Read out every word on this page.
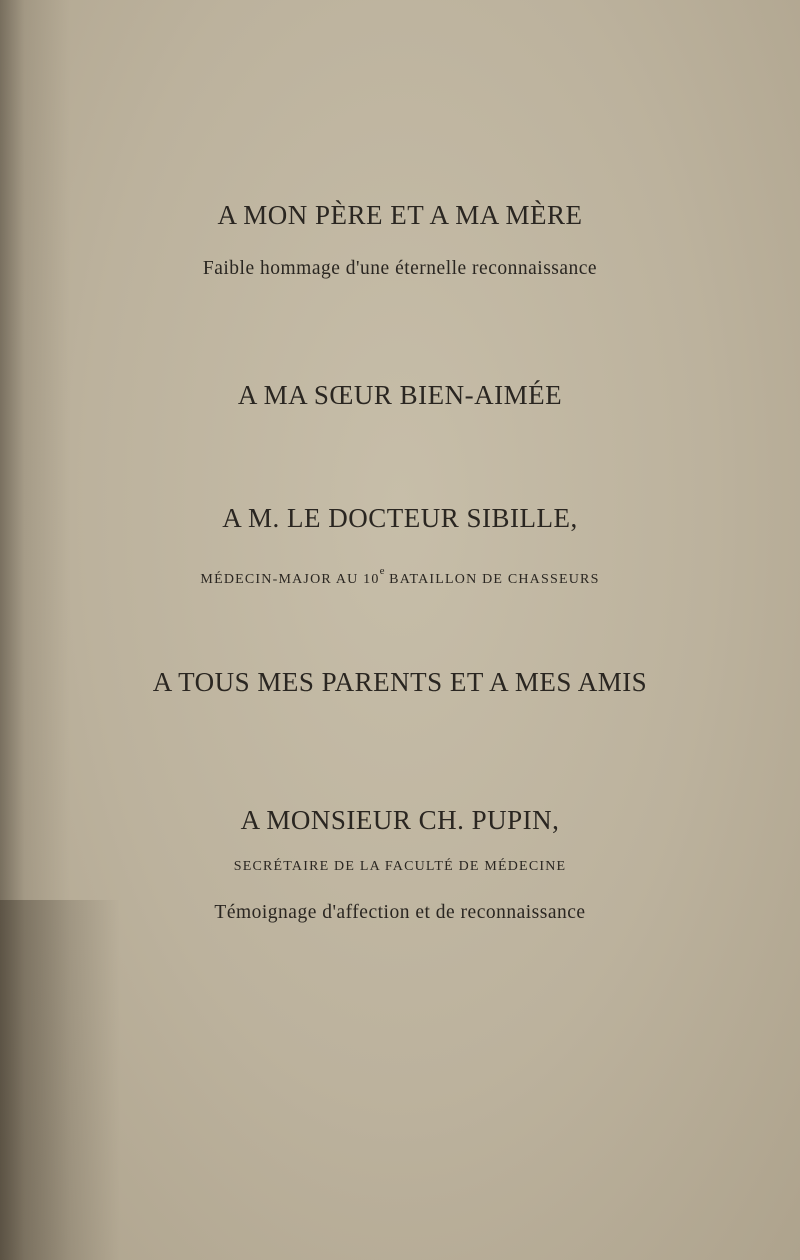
A MON PÈRE ET A MA MÈRE
Faible hommage d'une éternelle reconnaissance
A MA SŒUR BIEN-AIMÉE
A M. LE DOCTEUR SIBILLE,
MÉDECIN-MAJOR AU 10e BATAILLON DE CHASSEURS
A TOUS MES PARENTS ET A MES AMIS
A MONSIEUR CH. PUPIN,
SECRÉTAIRE DE LA FACULTÉ DE MÉDECINE
Témoignage d'affection et de reconnaissance
